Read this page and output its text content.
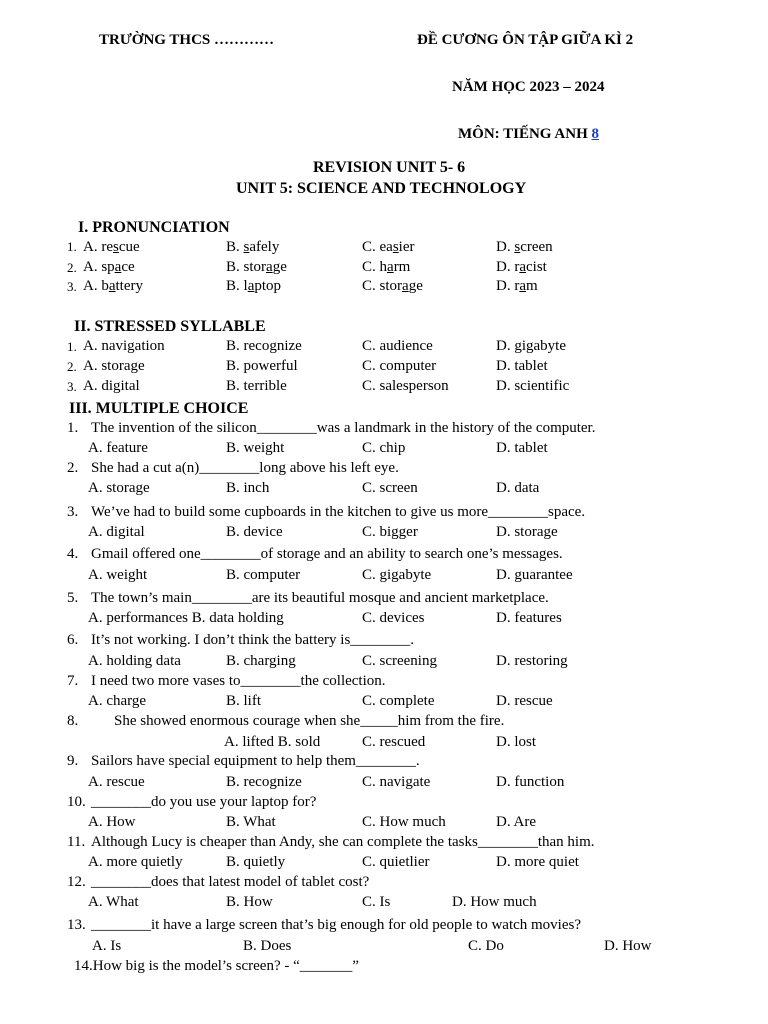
TRƯỜNG THCS …………	ĐỀ CƯƠNG ÔN TẬP GIỮA KÌ 2
NĂM HỌC 2023 – 2024
MÔN: TIẾNG ANH 8
REVISION UNIT 5- 6
UNIT 5: SCIENCE AND TECHNOLOGY
I. PRONUNCIATION
1. A. rescue	B. safely	C. easier	D. screen
2. A. space	B. storage	C. harm	D. racist
3. A. battery	B. laptop	C. storage	D. ram
II. STRESSED SYLLABLE
1. A. navigation	B. recognize	C. audience	D. gigabyte
2. A. storage	B. powerful	C. computer	D. tablet
3. A. digital	B. terrible	C. salesperson	D. scientific
III. MULTIPLE CHOICE
1. The invention of the silicon________was a landmark in the history of the computer.
A. feature	B. weight	C. chip	D. tablet
2. She had a cut a(n)________long above his left eye.
A. storage	B. inch	C. screen	D. data
3. We’ve had to build some cupboards in the kitchen to give us more________space.
A. digital	B. device	C. bigger	D. storage
4. Gmail offered one________of storage and an ability to search one’s messages.
A. weight	B. computer	C. gigabyte	D. guarantee
5. The town’s main________are its beautiful mosque and ancient marketplace.
A. performances B. data holding	C. devices	D. features
6. It’s not working. I don’t think the battery is________.
A. holding data	B. charging	C. screening	D. restoring
7. I need two more vases to________the collection.
A. charge	B. lift	C. complete	D. rescue
8. She showed enormous courage when she_____him from the fire.
A. lifted B. sold	C. rescued	D. lost
9. Sailors have special equipment to help them________.
A. rescue	B. recognize	C. navigate	D. function
10. ________do you use your laptop for?
A. How	B. What	C. How much	D. Are
11. Although Lucy is cheaper than Andy, she can complete the tasks________than him.
A. more quietly	B. quietly	C. quietlier	D. more quiet
12. ________does that latest model of tablet cost?
A. What	B. How	C. Is	D. How much
13. ________it have a large screen that’s big enough for old people to watch movies?
A. Is	B. Does	C. Do	D. How
14.How big is the model’s screen? - “_______”
